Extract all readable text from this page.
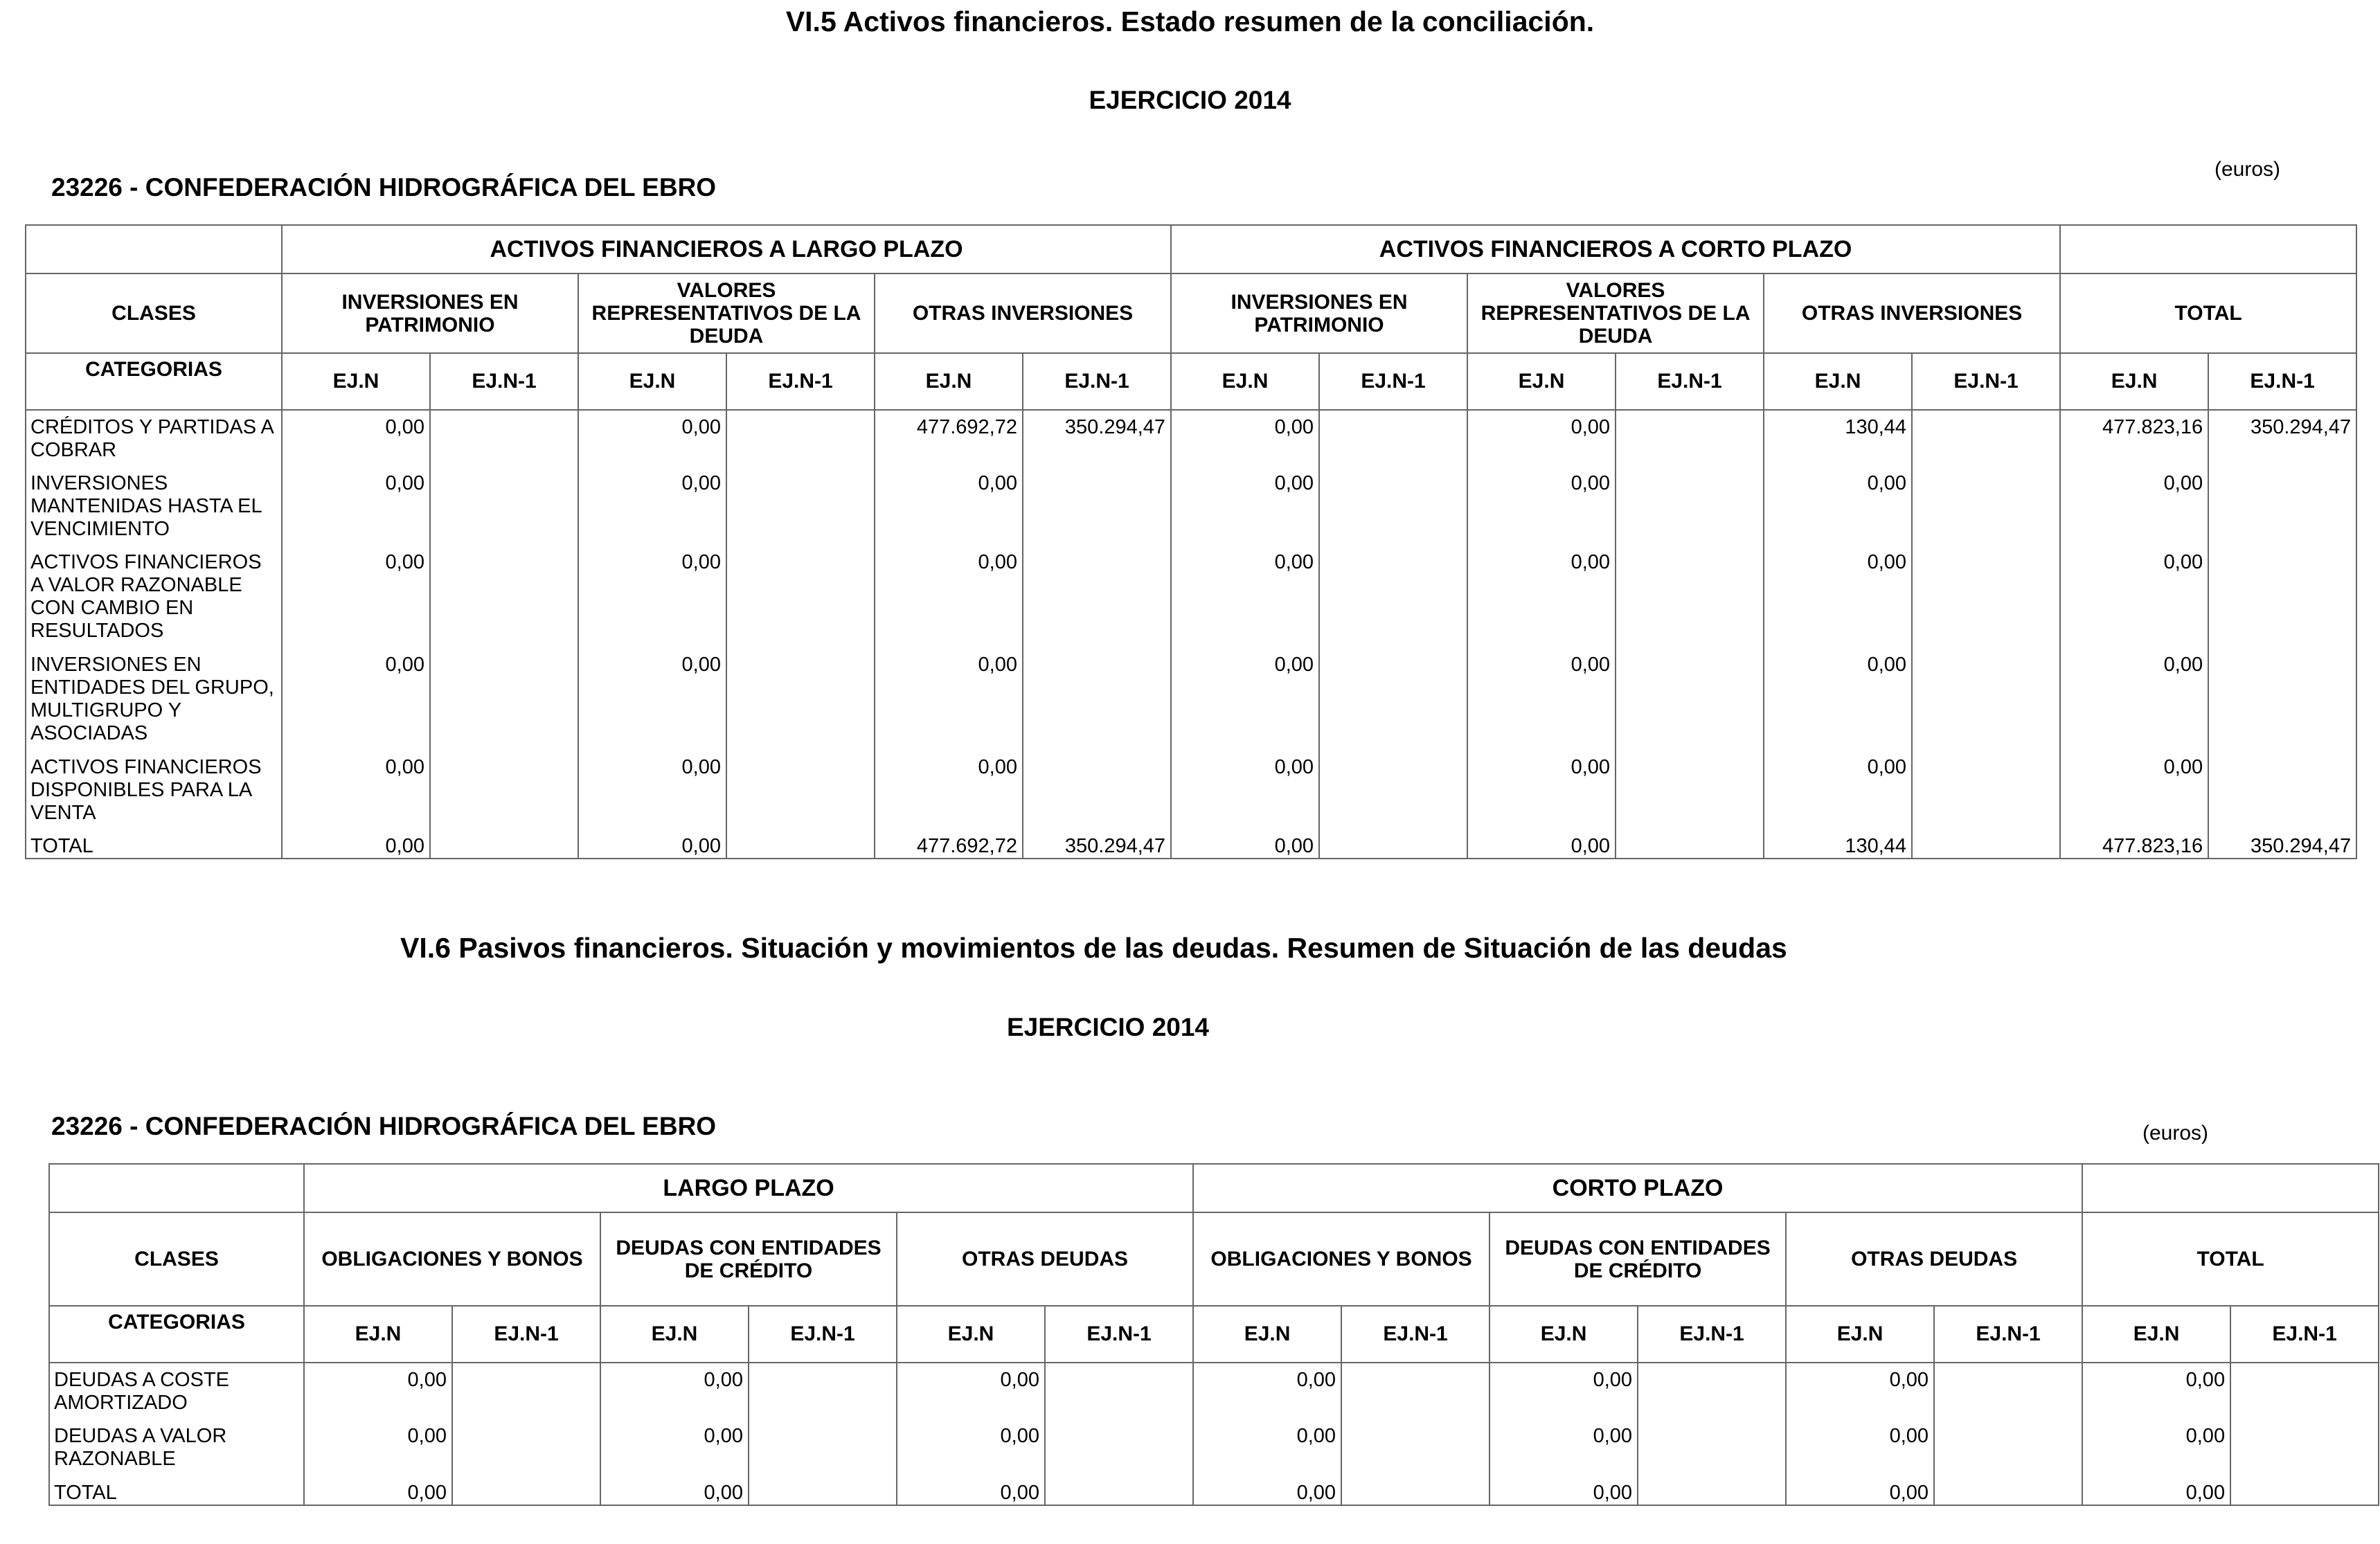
VI.5 Activos financieros. Estado resumen de la conciliación.
EJERCICIO 2014
23226 - CONFEDERACIÓN HIDROGRÁFICA DEL EBRO
(euros)
	ACTIVOS FINANCIEROS A LARGO PLAZO						ACTIVOS FINANCIEROS A CORTO PLAZO							
CLASES	INVERSIONES EN PATRIMONIO		VALORES REPRESENTATIVOS DE LA DEUDA		OTRAS INVERSIONES		INVERSIONES EN PATRIMONIO		VALORES REPRESENTATIVOS DE LA DEUDA		OTRAS INVERSIONES		TOTAL	
CATEGORIAS	EJ.N	EJ.N-1	EJ.N	EJ.N-1	EJ.N	EJ.N-1	EJ.N	EJ.N-1	EJ.N	EJ.N-1	EJ.N	EJ.N-1	EJ.N	EJ.N-1
CRÉDITOS Y PARTIDAS A COBRAR	0,00		0,00		477.692,72	350.294,47	0,00		0,00		130,44		477.823,16	350.294,47
INVERSIONES MANTENIDAS HASTA EL VENCIMIENTO	0,00		0,00		0,00		0,00		0,00		0,00		0,00	
ACTIVOS FINANCIEROS A VALOR RAZONABLE CON CAMBIO EN RESULTADOS	0,00		0,00		0,00		0,00		0,00		0,00		0,00	
INVERSIONES EN ENTIDADES DEL GRUPO, MULTIGRUPO Y ASOCIADAS	0,00		0,00		0,00		0,00		0,00		0,00		0,00	
ACTIVOS FINANCIEROS DISPONIBLES PARA LA VENTA	0,00		0,00		0,00		0,00		0,00		0,00		0,00	
TOTAL	0,00		0,00		477.692,72	350.294,47	0,00		0,00		130,44		477.823,16	350.294,47
VI.6 Pasivos financieros. Situación y movimientos de las deudas. Resumen de Situación de las deudas
EJERCICIO 2014
23226 - CONFEDERACIÓN HIDROGRÁFICA DEL EBRO	(euros)
	LARGO PLAZO						CORTO PLAZO							
CLASES	OBLIGACIONES Y BONOS		DEUDAS CON ENTIDADES DE CRÉDITO		OTRAS DEUDAS		OBLIGACIONES Y BONOS		DEUDAS CON ENTIDADES DE CRÉDITO		OTRAS DEUDAS		TOTAL	
CATEGORIAS	EJ.N	EJ.N-1	EJ.N	EJ.N-1	EJ.N	EJ.N-1	EJ.N	EJ.N-1	EJ.N	EJ.N-1	EJ.N	EJ.N-1	EJ.N	EJ.N-1
DEUDAS A COSTE AMORTIZADO	0,00		0,00		0,00		0,00		0,00		0,00		0,00	
DEUDAS A VALOR RAZONABLE	0,00		0,00		0,00		0,00		0,00		0,00		0,00	
TOTAL	0,00		0,00		0,00		0,00		0,00		0,00		0,00	
